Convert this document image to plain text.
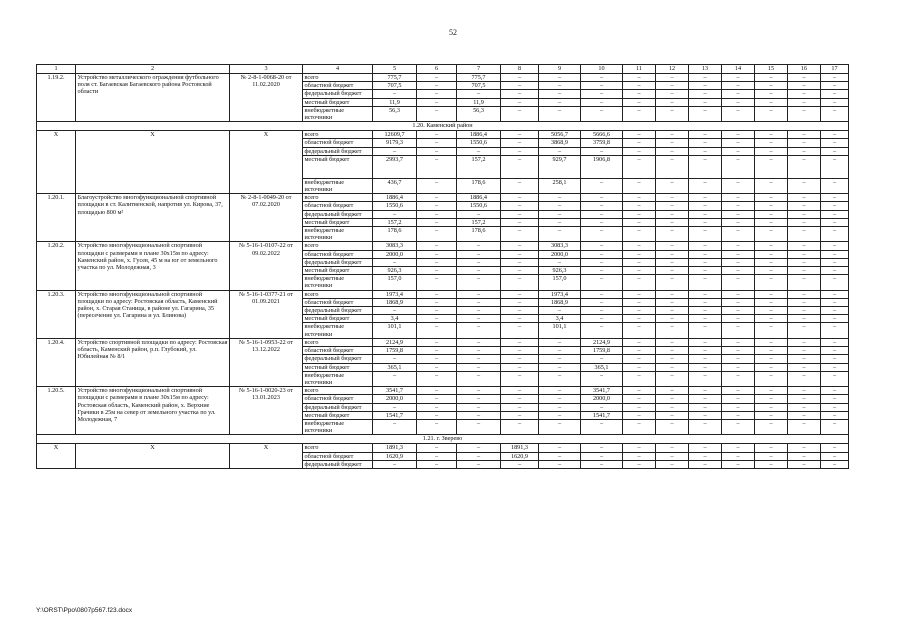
52
1	2	3	4	5	6	7	8	9	10	11	12	13	14	15	16	17
1.19.2.	Устройство металлического ограждения футбольного поля ст. Багаевская Багаевского района Ростовской области	№ 2-8-1-0068-20 от 11.02.2020	всего	775,7	–	775,7	–	–	–	–	–	–	–	–	–	–
			областной бюджет	707,5	–	707,5	–	–	–	–	–	–	–	–	–	–
			федеральный бюджет	–	–	–	–	–	–	–	–	–	–	–	–	–
			местный бюджет	11,9	–	11,9	–	–	–	–	–	–	–	–	–	–
			внебюджетные источники	56,3	–	56,3	–	–	–	–	–	–	–	–	–	–
1.20. Каменский район																
Х	Х	Х	всего	12609,7	–	1886,4	–	5056,7	5666,6	–	–	–	–	–	–	–
			областной бюджет	9179,3	–	1550,6	–	3868,9	3759,8	–	–	–	–	–	–	–
			федеральный бюджет	–	–	–	–	–	–	–	–	–	–	–	–	–
			местный бюджет	2993,7	–	157,2	–	929,7	1906,8	–	–	–	–	–	–	–
			внебюджетные источники	436,7	–	178,6	–	258,1	–	–	–	–	–	–	–	–
1.20.1.	Благоустройство многофункциональной спортивной площадки в ст. Калитвенской, напротив ул. Кирова, 37, площадью 800 м²	№ 2-8-1-0049-20 от 07.02.2020	всего	1886,4	–	1886,4	–	–	–	–	–	–	–	–	–	–
			областной бюджет	1550,6	–	1550,6	–	–	–	–	–	–	–	–	–	–
			федеральный бюджет	–	–	–	–	–	–	–	–	–	–	–	–	–
			местный бюджет	157,2	–	157,2	–	–	–	–	–	–	–	–	–	–
			внебюджетные источники	178,6	–	178,6	–	–	–	–	–	–	–	–	–	–
1.20.2.	Устройство многофункциональной спортивной площадки с размерами в плане 30х15м по адресу: Каменский район, х. Гусев, 45 м на юг от земельного участка по ул. Молодежная, 3	№ 5-16-1-0107-22 от 09.02.2022	всего	3083,3	–	–	–	3083,3	–	–	–	–	–	–	–	–
			областной бюджет	2000,0	–	–	–	2000,0	–	–	–	–	–	–	–	–
			федеральный бюджет	–	–	–	–	–	–	–	–	–	–	–	–	–
			местный бюджет	926,3	–	–	–	926,3	–	–	–	–	–	–	–	–
			внебюджетные источники	157,0	–	–	–	157,0	–	–	–	–	–	–	–	–
1.20.3.	Устройство многофункциональной спортивной площадки по адресу: Ростовская область, Каменский район, х. Старая Станица, в районе ул. Гагарина, 35 (пересечение ул. Гагарина и ул. Блинова)	№ 5-16-1-0377-21 от 01.09.2021	всего	1973,4	–	–	–	1973,4	–	–	–	–	–	–	–	–
			областной бюджет	1868,9	–	–	–	1868,9	–	–	–	–	–	–	–	–
			федеральный бюджет	–	–	–	–	–	–	–	–	–	–	–	–	–
			местный бюджет	3,4	–	–	–	3,4	–	–	–	–	–	–	–	–
			внебюджетные источники	101,1	–	–	–	101,1	–	–	–	–	–	–	–	–
1.20.4.	Устройство спортивной площадки по адресу: Ростовская область, Каменский район, р.п. Глубокий, ул. Юбилейная № 8/1	№ 5-16-1-0953-22 от 13.12.2022	всего	2124,9	–	–	–	–	2124,9	–	–	–	–	–	–	–
			областной бюджет	1759,8	–	–	–	–	1759,8	–	–	–	–	–	–	–
			федеральный бюджет	–	–	–	–	–	–	–	–	–	–	–	–	–
			местный бюджет	365,1	–	–	–	–	365,1	–	–	–	–	–	–	–
			внебюджетные источники	–	–	–	–	–	–	–	–	–	–	–	–	–
1.20.5.	Устройство многофункциональной спортивной площадки с размерами в плане 30х15м по адресу: Ростовская область, Каменский район, х. Верхние Грачики в 25м на север от земельного участка по ул. Молодежная, 7	№ 5-16-1-0020-23 от 13.01.2023	всего	3541,7	–	–	–	–	3541,7	–	–	–	–	–	–	–
			областной бюджет	2000,0	–	–	–	–	2000,0	–	–	–	–	–	–	–
			федеральный бюджет	–	–	–	–	–	–	–	–	–	–	–	–	–
			местный бюджет	1541,7	–	–	–	–	1541,7	–	–	–	–	–	–	–
			внебюджетные источники	–	–	–	–	–	–	–	–	–	–	–	–	–
1.21. г. Зверево																
Х	Х	Х	всего	1891,3	–	–	1891,3	–	–	–	–	–	–	–	–	–
			областной бюджет	1620,9	–	–	1620,9	–	–	–	–	–	–	–	–	–
			федеральный бюджет	–	–	–	–	–	–	–	–	–	–	–	–	–
Y:\ORST\Ppo\0807p567.f23.docx
